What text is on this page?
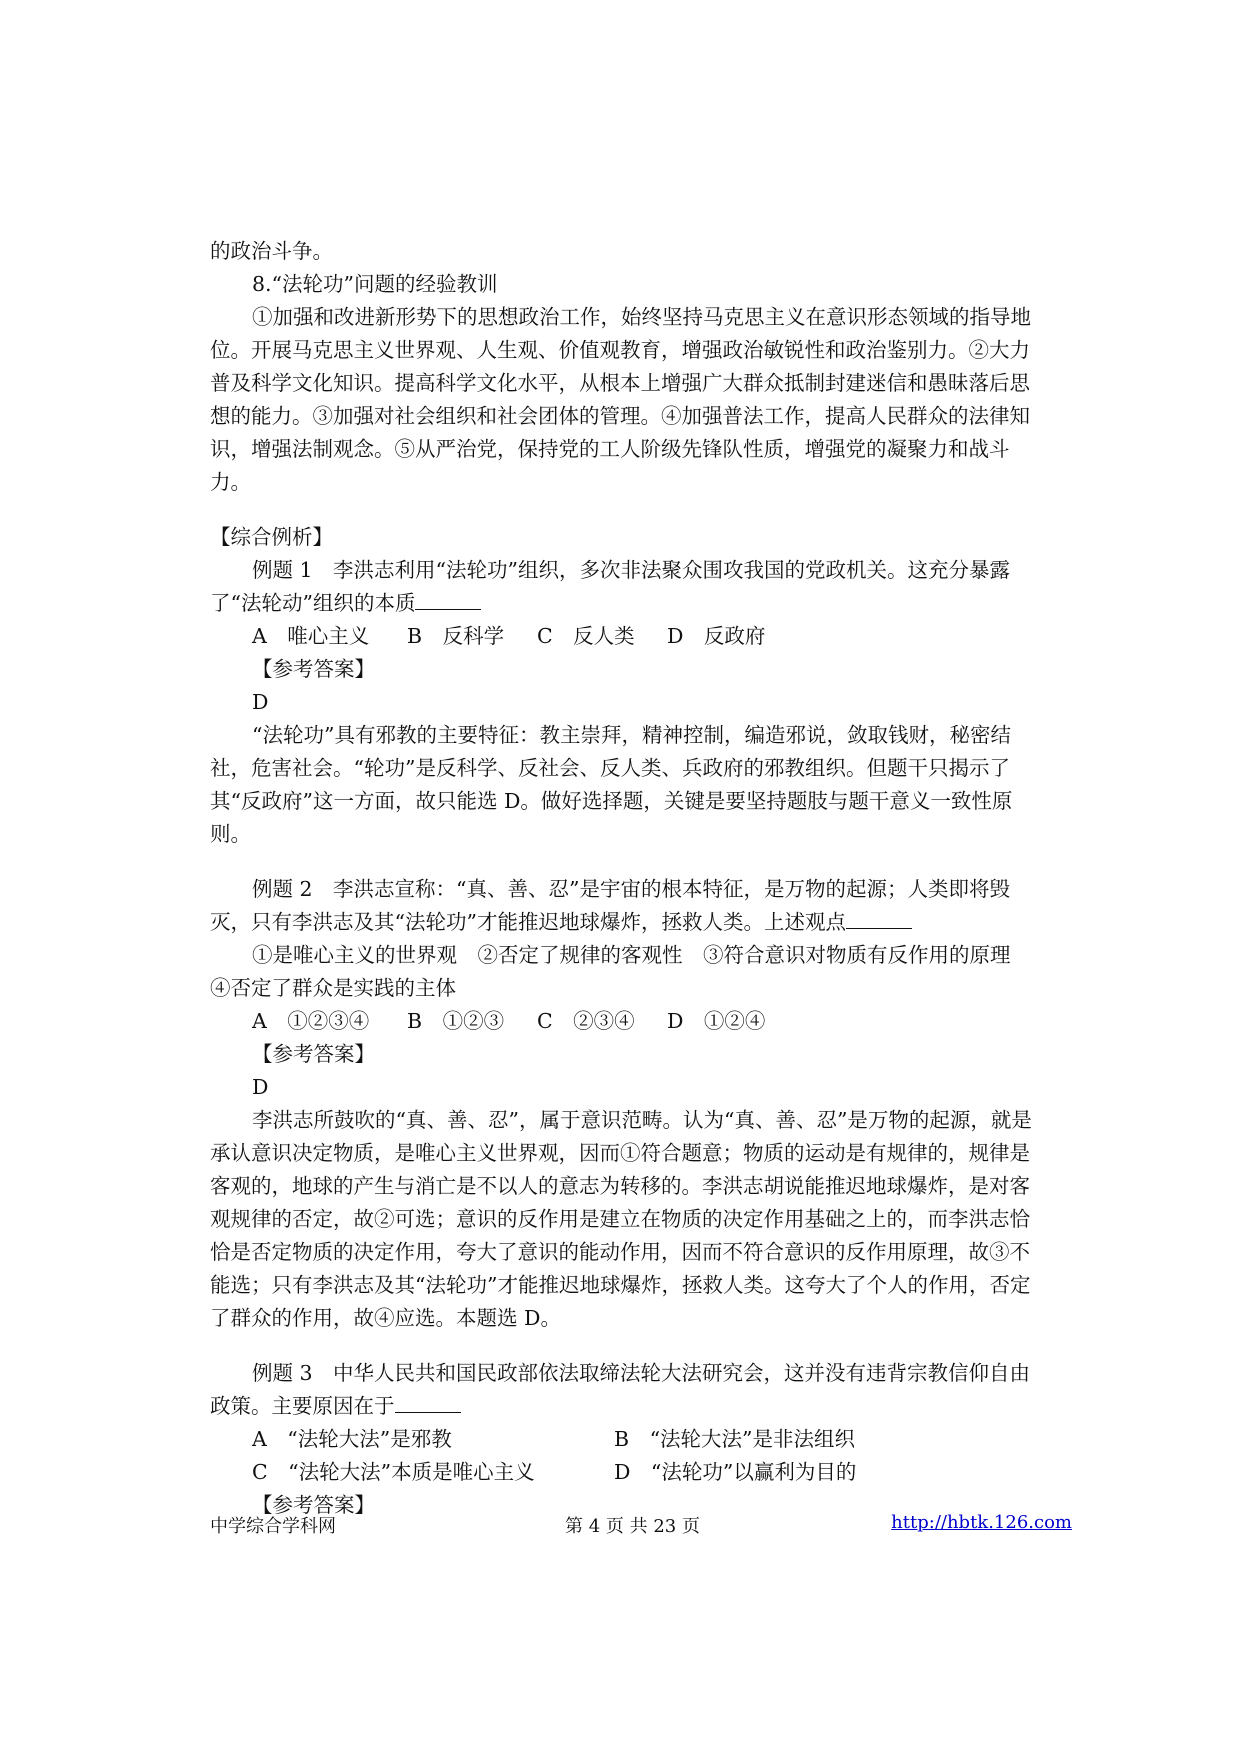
的政治斗争。

8.“法轮功”问题的经验教训

①加强和改进新形势下的思想政治工作，始终坚持马克思主义在意识形态领域的指导地位。开展马克思主义世界观、人生观、价值观教育，增强政治敏锐性和政治鉴别力。②大力普及科学文化知识。提高科学文化水平，从根本上增强广大群众抵制封建迷信和愚昧落后思想的能力。③加强对社会组织和社会团体的管理。④加强普法工作，提高人民群众的法律知识，增强法制观念。⑤从严治党，保持党的工人阶级先锋队性质，增强党的凝聚力和战斗力。

【综合例析】

例题 1　李洪志利用“法轮功”组织，多次非法聚众围攻我国的党政机关。这充分暴露了“法轮动”组织的本质

A　唯心主义 B　反科学 C　反人类 D　反政府

【参考答案】

D

“法轮功”具有邪教的主要特征：教主崇拜，精神控制，编造邪说，敛取钱财，秘密结社，危害社会。“轮功”是反科学、反社会、反人类、兵政府的邪教组织。但题干只揭示了其“反政府”这一方面，故只能选 D。做好选择题，关键是要坚持题肢与题干意义一致性原则。

例题 2　李洪志宣称：“真、善、忍”是宇宙的根本特征，是万物的起源；人类即将毁灭，只有李洪志及其“法轮功”才能推迟地球爆炸，拯救人类。上述观点

①是唯心主义的世界观　②否定了规律的客观性　③符合意识对物质有反作用的原理　④否定了群众是实践的主体

A　①②③④ B　①②③ C　②③④ D　①②④

【参考答案】

D

李洪志所鼓吹的“真、善、忍”，属于意识范畴。认为“真、善、忍”是万物的起源，就是承认意识决定物质，是唯心主义世界观，因而①符合题意；物质的运动是有规律的，规律是客观的，地球的产生与消亡是不以人的意志为转移的。李洪志胡说能推迟地球爆炸，是对客观规律的否定，故②可选；意识的反作用是建立在物质的决定作用基础之上的，而李洪志恰恰是否定物质的决定作用，夸大了意识的能动作用，因而不符合意识的反作用原理，故③不能选；只有李洪志及其“法轮功”才能推迟地球爆炸，拯救人类。这夸大了个人的作用，否定了群众的作用，故④应选。本题选 D。

例题 3　中华人民共和国民政部依法取缔法轮大法研究会，这并没有违背宗教信仰自由政策。主要原因在于

A　“法轮大法”是邪教	B　“法轮大法”是非法组织

C　“法轮大法”本质是唯心主义	D　“法轮功”以赢利为目的

【参考答案】

中学综合学科网	第 4 页 共 23 页	http://hbtk.126.com
